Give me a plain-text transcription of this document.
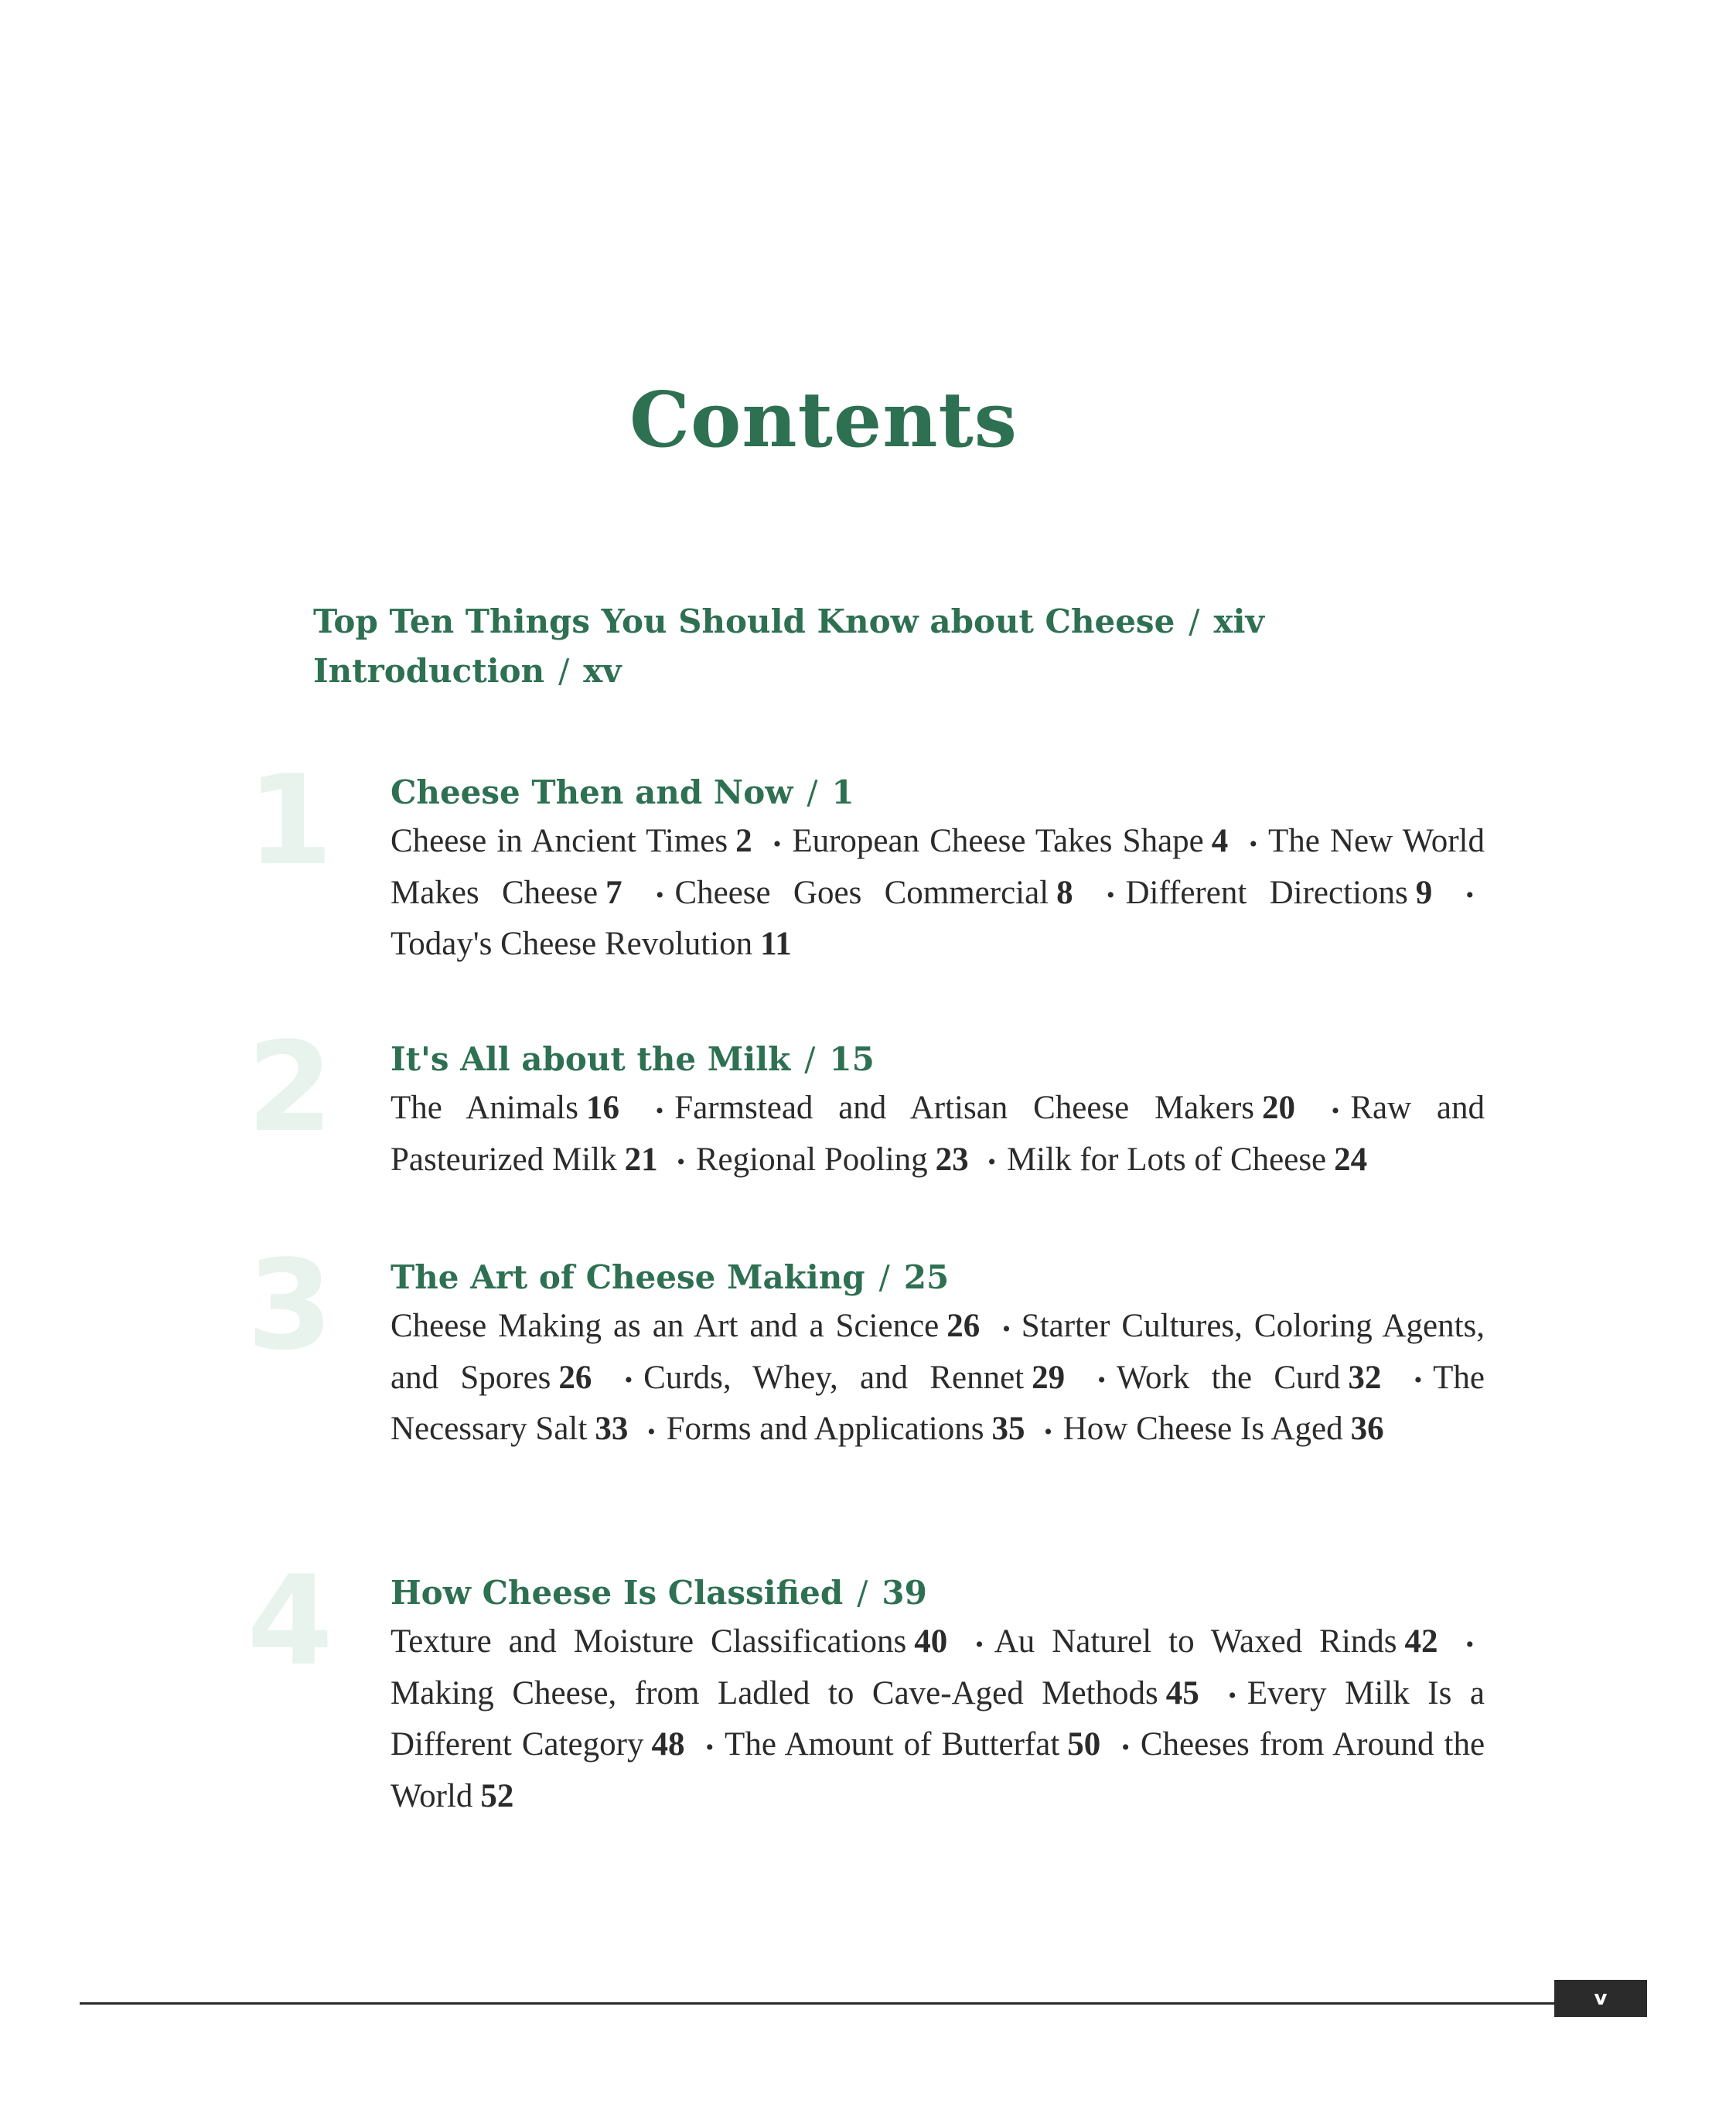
Contents
Top Ten Things You Should Know about Cheese / xiv
Introduction / xv
1	Cheese Then and Now / 1
Cheese in Ancient Times 2 • European Cheese Takes Shape 4 • The New World Makes Cheese 7 • Cheese Goes Commercial 8 • Different Directions 9 •Today's Cheese Revolution 11
2	It's All about the Milk / 15
The Animals 16 • Farmstead and Artisan Cheese Makers 20 • Raw and Pasteurized Milk 21 • Regional Pooling 23 • Milk for Lots of Cheese 24
3	The Art of Cheese Making / 25
Cheese Making as an Art and a Science 26 • Starter Cultures, Coloring Agents, and Spores 26 • Curds, Whey, and Rennet 29 • Work the Curd 32 • The Necessary Salt 33 • Forms and Applications 35 • How Cheese Is Aged 36
4	How Cheese Is Classified / 39
Texture and Moisture Classifications 40 • Au Naturel to Waxed Rinds 42 •Making Cheese, from Ladled to Cave-Aged Methods 45 • Every Milk Is a Different Category 48 • The Amount of Butterfat 50 • Cheeses from Around the World 52
v
